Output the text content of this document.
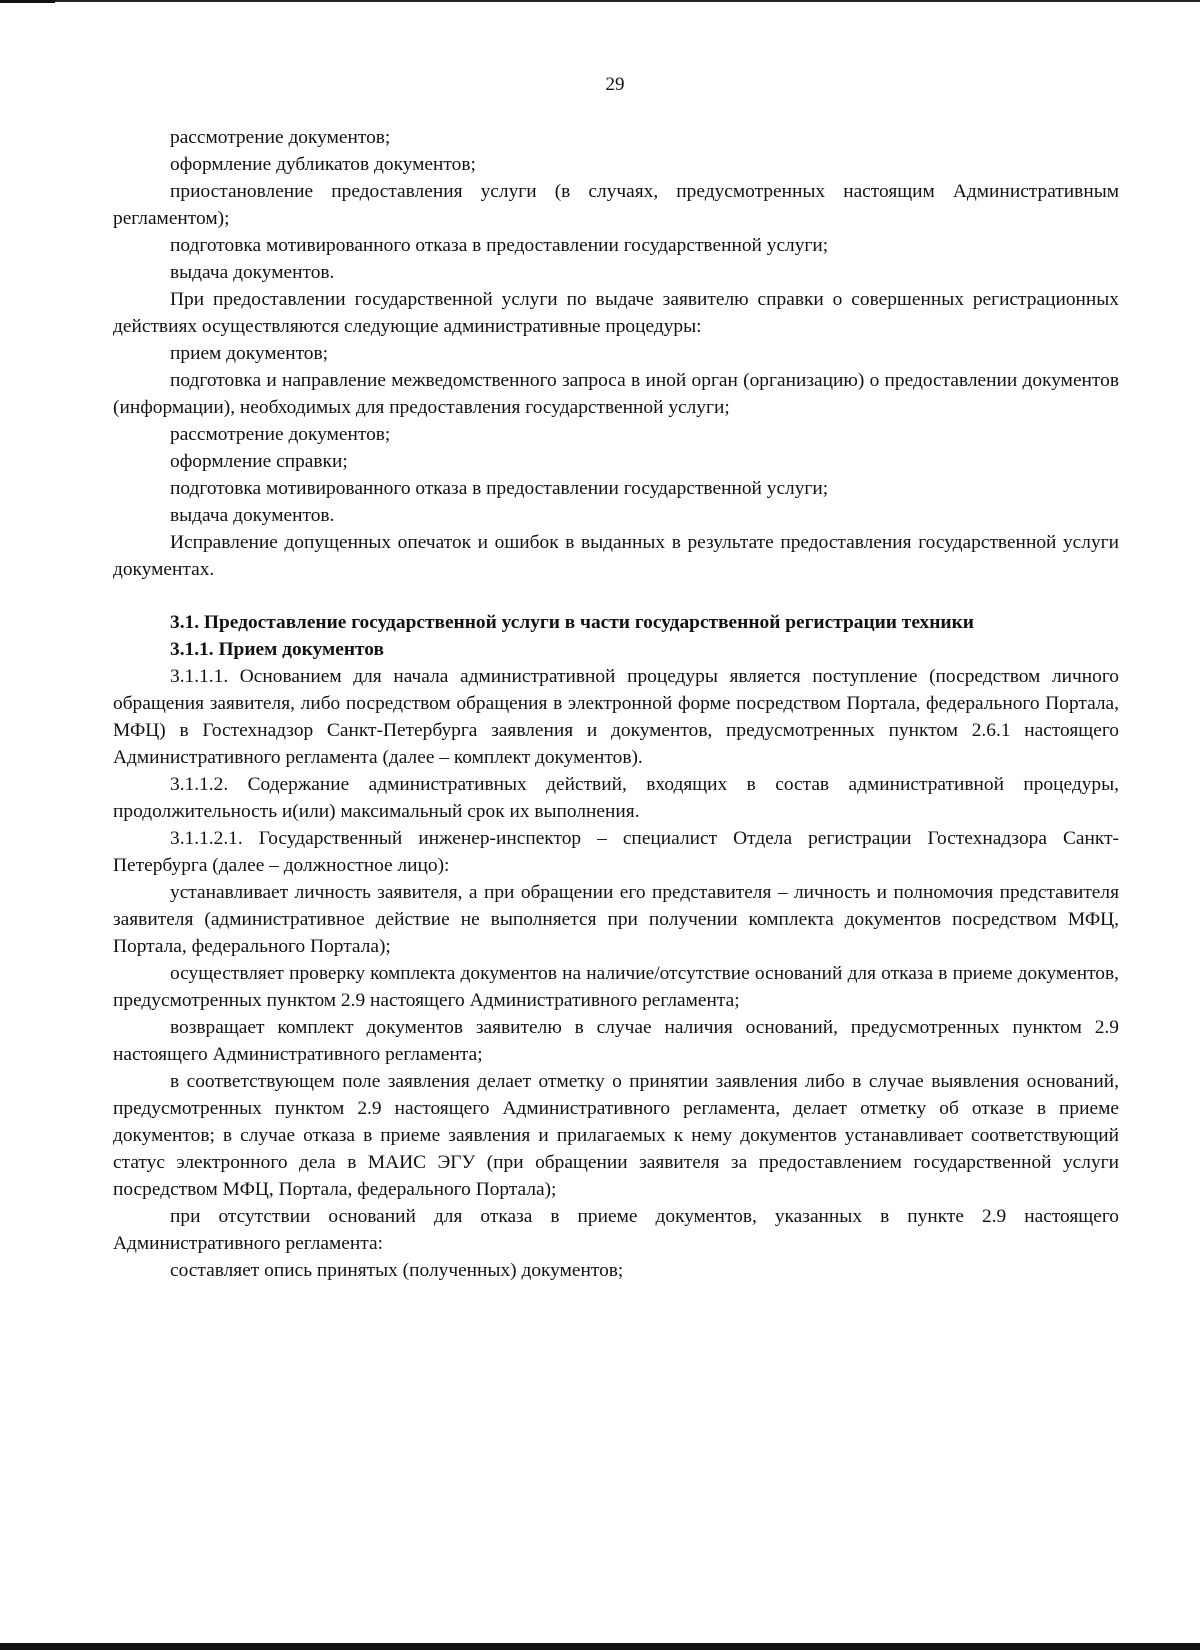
29

рассмотрение документов;

оформление дубликатов документов;

приостановление предоставления услуги (в случаях, предусмотренных настоящим Административным регламентом);

подготовка мотивированного отказа в предоставлении государственной услуги;

выдача документов.

При предоставлении государственной услуги по выдаче заявителю справки о совершенных регистрационных действиях осуществляются следующие административные процедуры:

прием документов;

подготовка и направление межведомственного запроса в иной орган (организацию) о предоставлении документов (информации), необходимых для предоставления государственной услуги;

рассмотрение документов;

оформление справки;

подготовка мотивированного отказа в предоставлении государственной услуги;

выдача документов.

Исправление допущенных опечаток и ошибок в выданных в результате предоставления государственной услуги документах.

3.1. Предоставление государственной услуги в части государственной регистрации техники

3.1.1. Прием документов

3.1.1.1. Основанием для начала административной процедуры является поступление (посредством личного обращения заявителя, либо посредством обращения в электронной форме посредством Портала, федерального Портала, МФЦ) в Гостехнадзор Санкт-Петербурга заявления и документов, предусмотренных пунктом 2.6.1 настоящего Административного регламента (далее – комплект документов).

3.1.1.2. Содержание административных действий, входящих в состав административной процедуры, продолжительность и(или) максимальный срок их выполнения.

3.1.1.2.1. Государственный инженер-инспектор – специалист Отдела регистрации Гостехнадзора Санкт-Петербурга (далее – должностное лицо):

устанавливает личность заявителя, а при обращении его представителя – личность и полномочия представителя заявителя (административное действие не выполняется при получении комплекта документов посредством МФЦ, Портала, федерального Портала);

осуществляет проверку комплекта документов на наличие/отсутствие оснований для отказа в приеме документов, предусмотренных пунктом 2.9 настоящего Административного регламента;

возвращает комплект документов заявителю в случае наличия оснований, предусмотренных пунктом 2.9 настоящего Административного регламента;

в соответствующем поле заявления делает отметку о принятии заявления либо в случае выявления оснований, предусмотренных пунктом 2.9 настоящего Административного регламента, делает отметку об отказе в приеме документов; в случае отказа в приеме заявления и прилагаемых к нему документов устанавливает соответствующий статус электронного дела в МАИС ЭГУ (при обращении заявителя за предоставлением государственной услуги посредством МФЦ, Портала, федерального Портала);

при отсутствии оснований для отказа в приеме документов, указанных в пункте 2.9 настоящего Административного регламента:

составляет опись принятых (полученных) документов;
